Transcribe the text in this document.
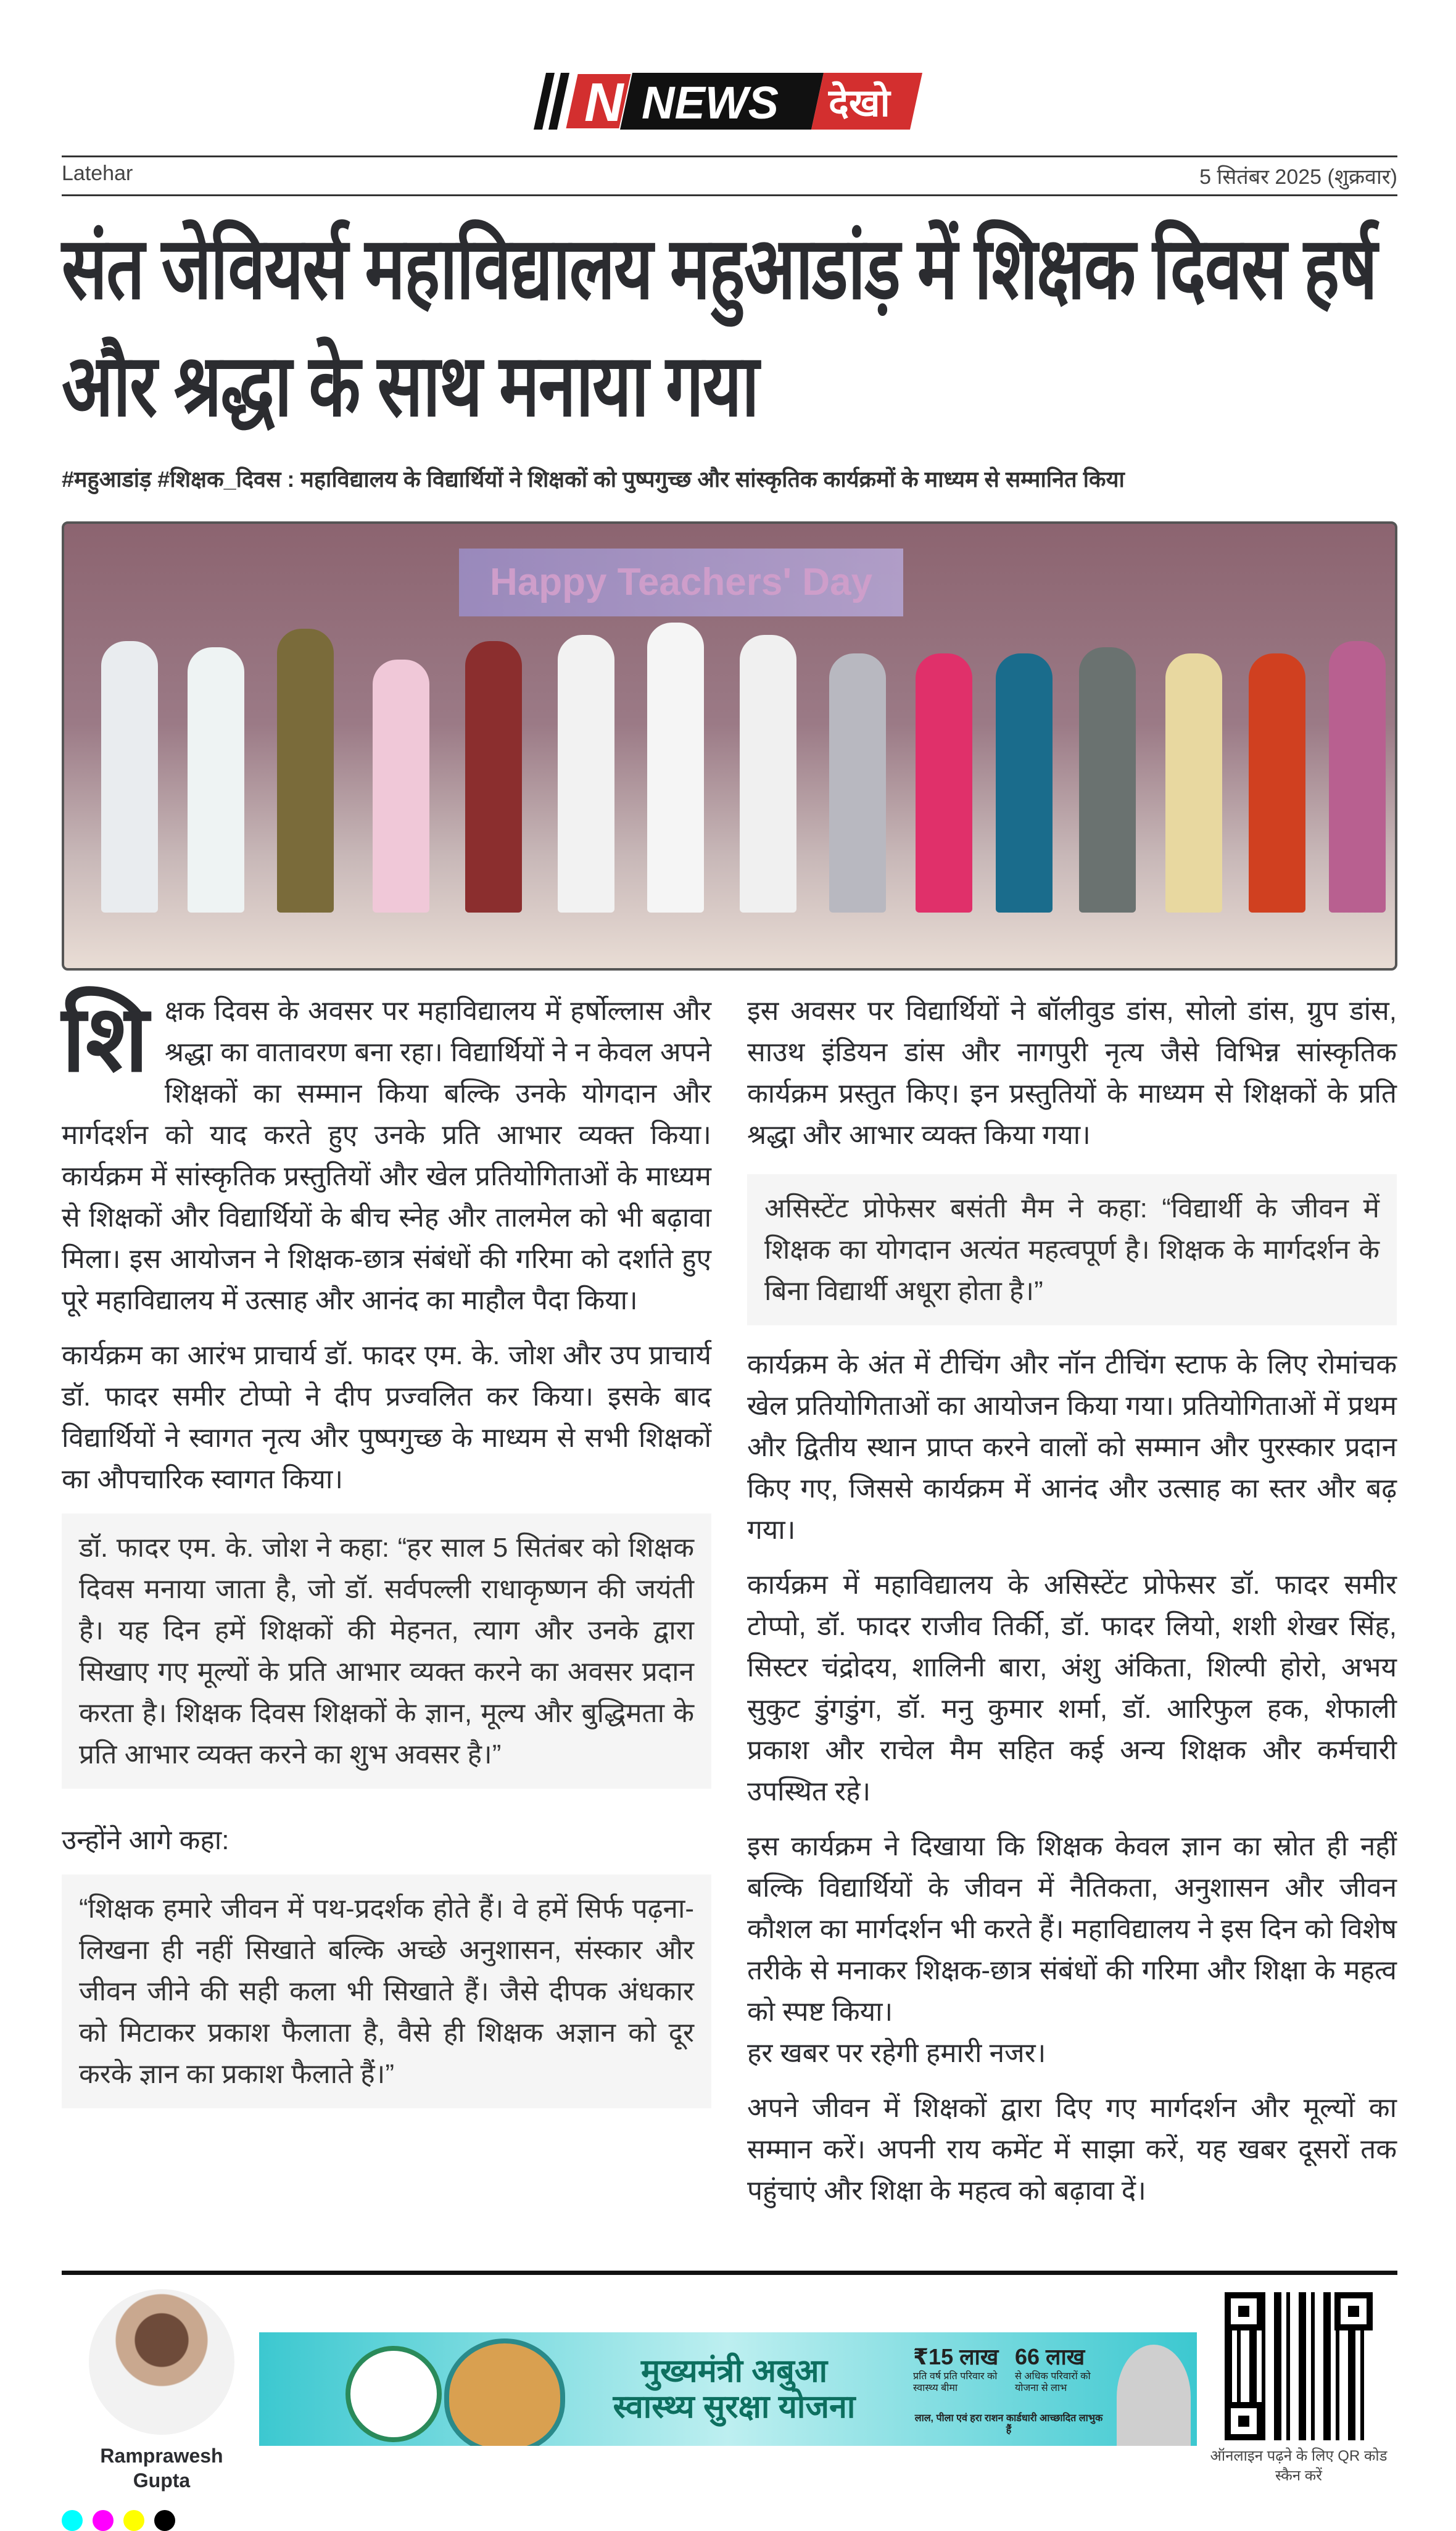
N NEWS देखो
Latehar	5 सितंबर 2025 (शुक्रवार)
संत जेवियर्स महाविद्यालय महुआडांड़ में शिक्षक दिवस हर्ष और श्रद्धा के साथ मनाया गया
#महुआडांड़ #शिक्षक_दिवस : महाविद्यालय के विद्यार्थियों ने शिक्षकों को पुष्पगुच्छ और सांस्कृतिक कार्यक्रमों के माध्यम से सम्मानित किया
Happy Teachers' Day

शिक्षक दिवस के अवसर पर महाविद्यालय में हर्षोल्लास और श्रद्धा का वातावरण बना रहा। विद्यार्थियों ने न केवल अपने शिक्षकों का सम्मान किया बल्कि उनके योगदान और मार्गदर्शन को याद करते हुए उनके प्रति आभार व्यक्त किया। कार्यक्रम में सांस्कृतिक प्रस्तुतियों और खेल प्रतियोगिताओं के माध्यम से शिक्षकों और विद्यार्थियों के बीच स्नेह और तालमेल को भी बढ़ावा मिला। इस आयोजन ने शिक्षक-छात्र संबंधों की गरिमा को दर्शाते हुए पूरे महाविद्यालय में उत्साह और आनंद का माहौल पैदा किया।

कार्यक्रम का आरंभ प्राचार्य डॉ. फादर एम. के. जोश और उप प्राचार्य डॉ. फादर समीर टोप्पो ने दीप प्रज्वलित कर किया। इसके बाद विद्यार्थियों ने स्वागत नृत्य और पुष्पगुच्छ के माध्यम से सभी शिक्षकों का औपचारिक स्वागत किया।

डॉ. फादर एम. के. जोश ने कहा: “हर साल 5 सितंबर को शिक्षक दिवस मनाया जाता है, जो डॉ. सर्वपल्ली राधाकृष्णन की जयंती है। यह दिन हमें शिक्षकों की मेहनत, त्याग और उनके द्वारा सिखाए गए मूल्यों के प्रति आभार व्यक्त करने का अवसर प्रदान करता है। शिक्षक दिवस शिक्षकों के ज्ञान, मूल्य और बुद्धिमता के प्रति आभार व्यक्त करने का शुभ अवसर है।”

उन्होंने आगे कहा:

“शिक्षक हमारे जीवन में पथ-प्रदर्शक होते हैं। वे हमें सिर्फ पढ़ना-लिखना ही नहीं सिखाते बल्कि अच्छे अनुशासन, संस्कार और जीवन जीने की सही कला भी सिखाते हैं। जैसे दीपक अंधकार को मिटाकर प्रकाश फैलाता है, वैसे ही शिक्षक अज्ञान को दूर करके ज्ञान का प्रकाश फैलाते हैं।”

इस अवसर पर विद्यार्थियों ने बॉलीवुड डांस, सोलो डांस, ग्रुप डांस, साउथ इंडियन डांस और नागपुरी नृत्य जैसे विभिन्न सांस्कृतिक कार्यक्रम प्रस्तुत किए। इन प्रस्तुतियों के माध्यम से शिक्षकों के प्रति श्रद्धा और आभार व्यक्त किया गया।

असिस्टेंट प्रोफेसर बसंती मैम ने कहा: “विद्यार्थी के जीवन में शिक्षक का योगदान अत्यंत महत्वपूर्ण है। शिक्षक के मार्गदर्शन के बिना विद्यार्थी अधूरा होता है।”

कार्यक्रम के अंत में टीचिंग और नॉन टीचिंग स्टाफ के लिए रोमांचक खेल प्रतियोगिताओं का आयोजन किया गया। प्रतियोगिताओं में प्रथम और द्वितीय स्थान प्राप्त करने वालों को सम्मान और पुरस्कार प्रदान किए गए, जिससे कार्यक्रम में आनंद और उत्साह का स्तर और बढ़ गया।

कार्यक्रम में महाविद्यालय के असिस्टेंट प्रोफेसर डॉ. फादर समीर टोप्पो, डॉ. फादर राजीव तिर्की, डॉ. फादर लियो, शशी शेखर सिंह, सिस्टर चंद्रोदय, शालिनी बारा, अंशु अंकिता, शिल्पी होरो, अभय सुकुट डुंगडुंग, डॉ. मनु कुमार शर्मा, डॉ. आरिफुल हक, शेफाली प्रकाश और राचेल मैम सहित कई अन्य शिक्षक और कर्मचारी उपस्थित रहे।

इस कार्यक्रम ने दिखाया कि शिक्षक केवल ज्ञान का स्रोत ही नहीं बल्कि विद्यार्थियों के जीवन में नैतिकता, अनुशासन और जीवन कौशल का मार्गदर्शन भी करते हैं। महाविद्यालय ने इस दिन को विशेष तरीके से मनाकर शिक्षक-छात्र संबंधों की गरिमा और शिक्षा के महत्व को स्पष्ट किया।

हर खबर पर रहेगी हमारी नजर।

अपने जीवन में शिक्षकों द्वारा दिए गए मार्गदर्शन और मूल्यों का सम्मान करें। अपनी राय कमेंट में साझा करें, यह खबर दूसरों तक पहुंचाएं और शिक्षा के महत्व को बढ़ावा दें।

Ramprawesh Gupta
मुख्यमंत्री अबुआ
स्वास्थ्य सुरक्षा योजना
₹15 लाख
प्रति वर्ष प्रति परिवार को स्वास्थ्य बीमा
66 लाख
से अधिक परिवारों को योजना से लाभ
लाल, पीला एवं हरा राशन कार्डधारी आच्छादित लाभुक हैं
ऑनलाइन पढ़ने के लिए QR कोड स्कैन करें
